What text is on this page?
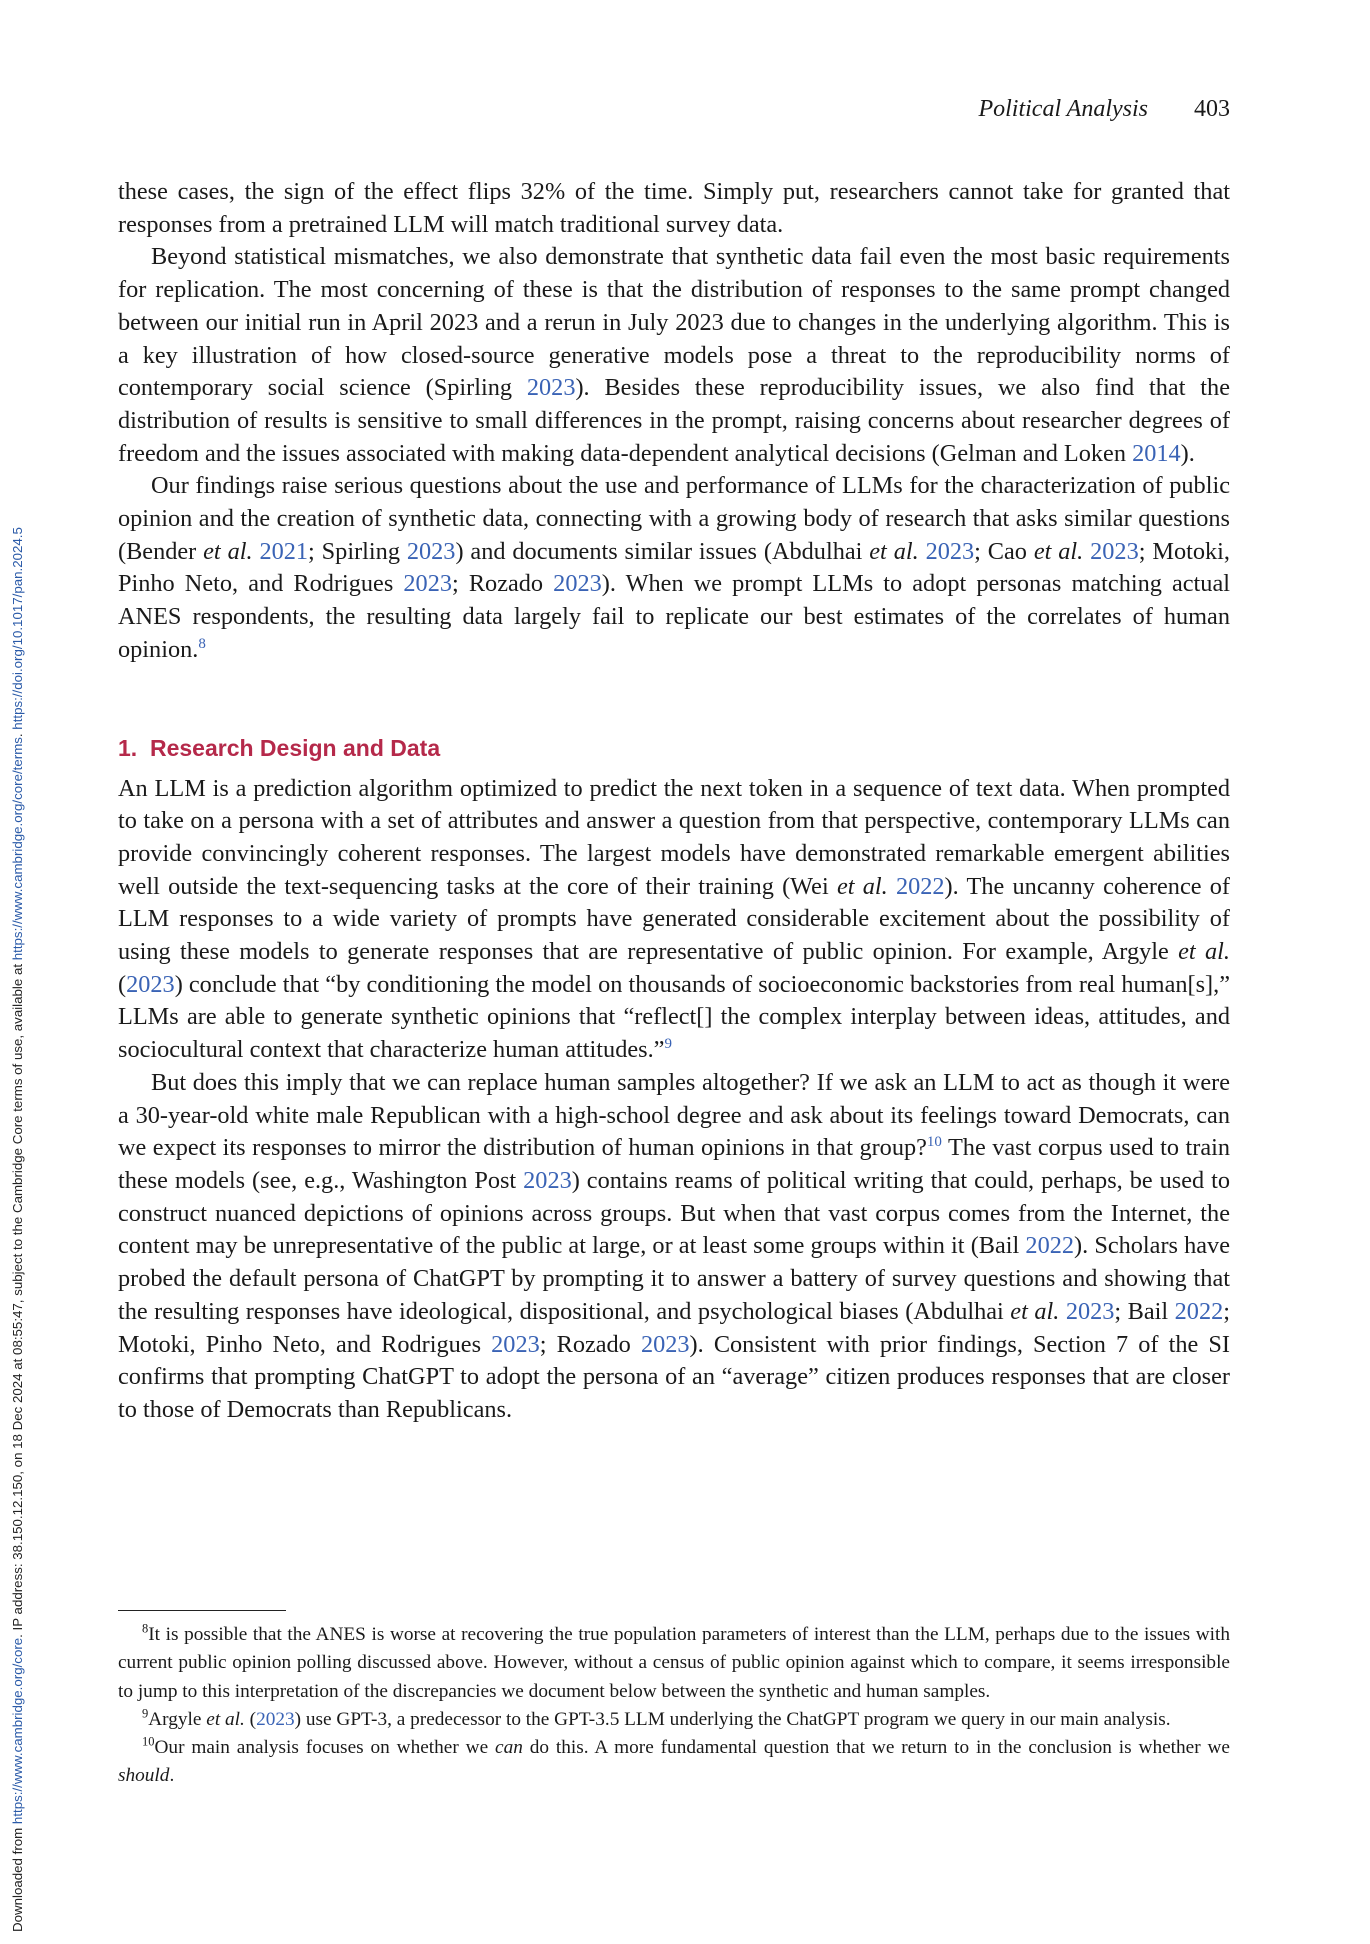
Downloaded from https://www.cambridge.org/core. IP address: 38.150.12.150, on 18 Dec 2024 at 08:55:47, subject to the Cambridge Core terms of use, available at https://www.cambridge.org/core/terms. https://doi.org/10.1017/pan.2024.5
Political Analysis 403

these cases, the sign of the effect flips 32% of the time. Simply put, researchers cannot take for granted that responses from a pretrained LLM will match traditional survey data.

Beyond statistical mismatches, we also demonstrate that synthetic data fail even the most basic requirements for replication. The most concerning of these is that the distribution of responses to the same prompt changed between our initial run in April 2023 and a rerun in July 2023 due to changes in the underlying algorithm. This is a key illustration of how closed-source generative models pose a threat to the reproducibility norms of contemporary social science (Spirling 2023). Besides these reproducibility issues, we also find that the distribution of results is sensitive to small differences in the prompt, raising concerns about researcher degrees of freedom and the issues associated with making data-dependent analytical decisions (Gelman and Loken 2014).

Our findings raise serious questions about the use and performance of LLMs for the characterization of public opinion and the creation of synthetic data, connecting with a growing body of research that asks similar questions (Bender et al. 2021; Spirling 2023) and documents similar issues (Abdulhai et al. 2023; Cao et al. 2023; Motoki, Pinho Neto, and Rodrigues 2023; Rozado 2023). When we prompt LLMs to adopt personas matching actual ANES respondents, the resulting data largely fail to replicate our best estimates of the correlates of human opinion.$^8$

1. Research Design and Data

An LLM is a prediction algorithm optimized to predict the next token in a sequence of text data. When prompted to take on a persona with a set of attributes and answer a question from that perspective, contemporary LLMs can provide convincingly coherent responses. The largest models have demonstrated remarkable emergent abilities well outside the text-sequencing tasks at the core of their training (Wei et al. 2022). The uncanny coherence of LLM responses to a wide variety of prompts have generated considerable excitement about the possibility of using these models to generate responses that are representative of public opinion. For example, Argyle et al. (2023) conclude that “by conditioning the model on thousands of socioeconomic backstories from real human[s],” LLMs are able to generate synthetic opinions that “reflect[] the complex interplay between ideas, attitudes, and sociocultural context that characterize human attitudes.”$^9$

But does this imply that we can replace human samples altogether? If we ask an LLM to act as though it were a 30-year-old white male Republican with a high-school degree and ask about its feelings toward Democrats, can we expect its responses to mirror the distribution of human opinions in that group?$^{10}$ The vast corpus used to train these models (see, e.g., Washington Post 2023) contains reams of political writing that could, perhaps, be used to construct nuanced depictions of opinions across groups. But when that vast corpus comes from the Internet, the content may be unrepresentative of the public at large, or at least some groups within it (Bail 2022). Scholars have probed the default persona of ChatGPT by prompting it to answer a battery of survey questions and showing that the resulting responses have ideological, dispositional, and psychological biases (Abdulhai et al. 2023; Bail 2022; Motoki, Pinho Neto, and Rodrigues 2023; Rozado 2023). Consistent with prior findings, Section 7 of the SI confirms that prompting ChatGPT to adopt the persona of an “average” citizen produces responses that are closer to those of Democrats than Republicans.

$^8$It is possible that the ANES is worse at recovering the true population parameters of interest than the LLM, perhaps due to the issues with current public opinion polling discussed above. However, without a census of public opinion against which to compare, it seems irresponsible to jump to this interpretation of the discrepancies we document below between the synthetic and human samples.

$^9$Argyle et al. (2023) use GPT-3, a predecessor to the GPT-3.5 LLM underlying the ChatGPT program we query in our main analysis.

$^{10}$Our main analysis focuses on whether we can do this. A more fundamental question that we return to in the conclusion is whether we should.
